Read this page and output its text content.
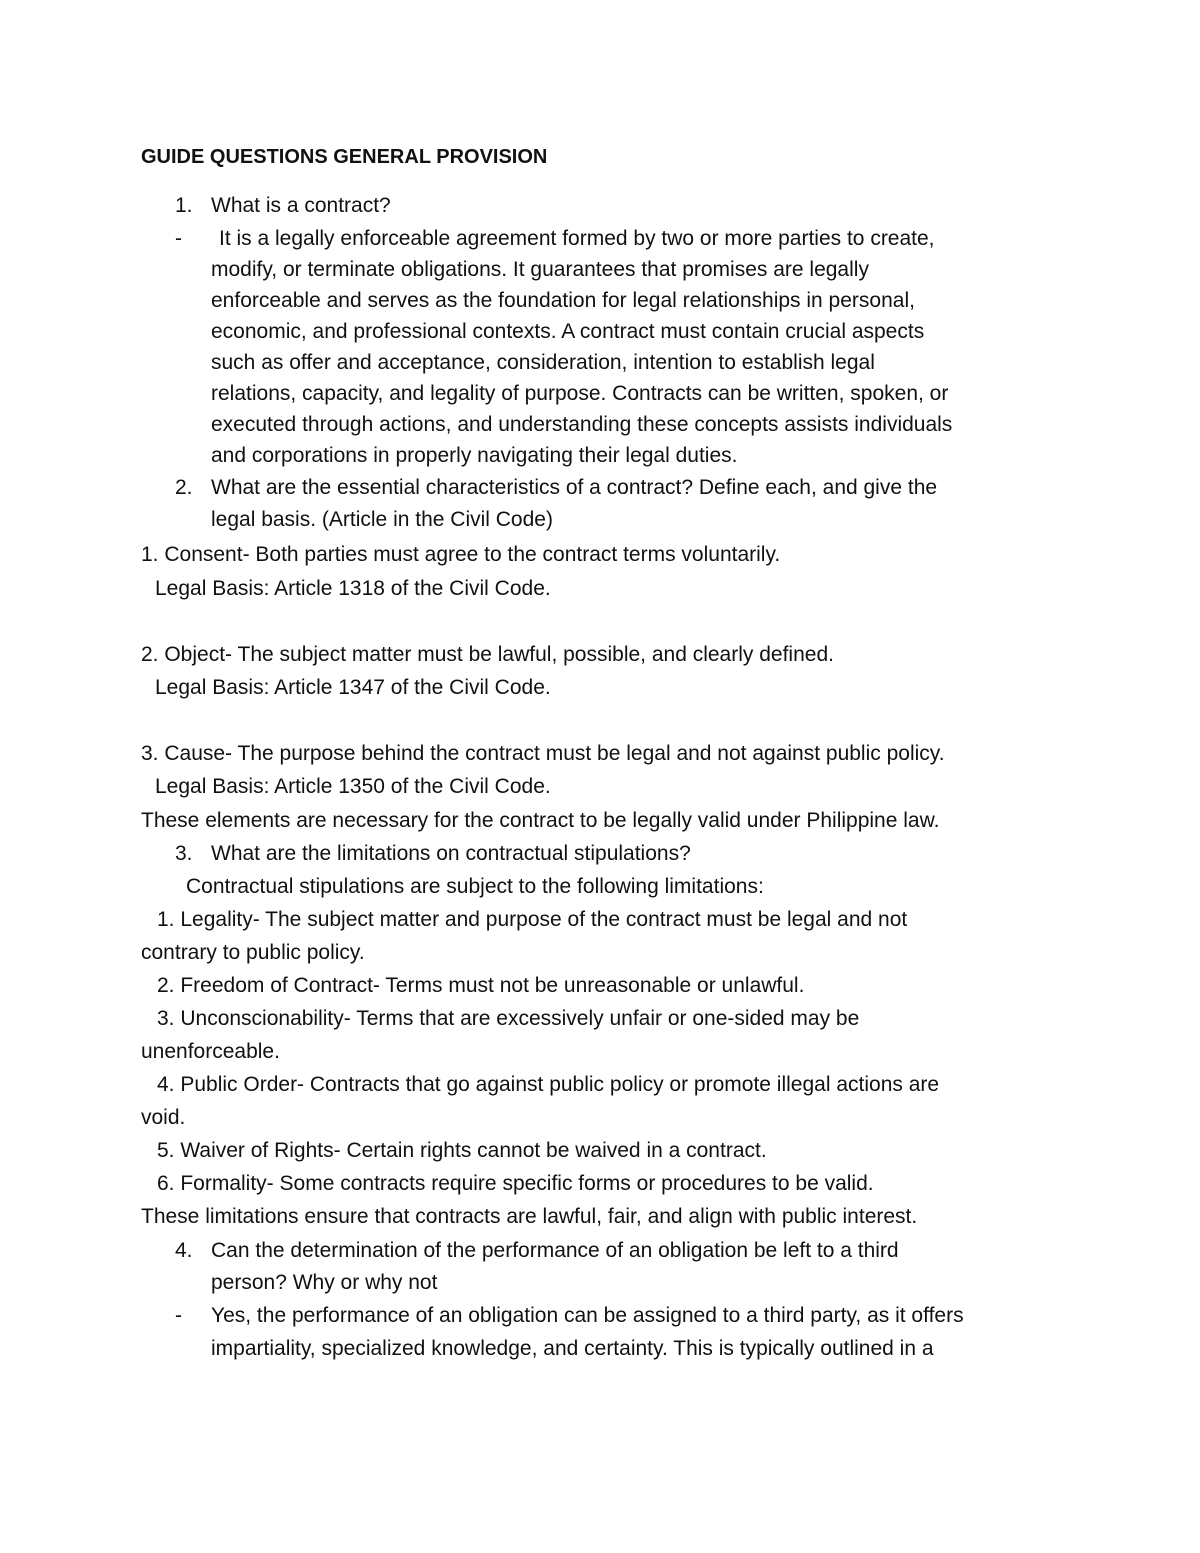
GUIDE QUESTIONS GENERAL PROVISION
1. What is a contract?
- It is a legally enforceable agreement formed by two or more parties to create,
modify, or terminate obligations. It guarantees that promises are legally
enforceable and serves as the foundation for legal relationships in personal,
economic, and professional contexts. A contract must contain crucial aspects
such as offer and acceptance, consideration, intention to establish legal
relations, capacity, and legality of purpose. Contracts can be written, spoken, or
executed through actions, and understanding these concepts assists individuals
and corporations in properly navigating their legal duties.
2. What are the essential characteristics of a contract? Define each, and give the
legal basis. (Article in the Civil Code)
1. Consent- Both parties must agree to the contract terms voluntarily.
Legal Basis: Article 1318 of the Civil Code.
2. Object- The subject matter must be lawful, possible, and clearly defined.
Legal Basis: Article 1347 of the Civil Code.
3. Cause- The purpose behind the contract must be legal and not against public policy.
Legal Basis: Article 1350 of the Civil Code.
These elements are necessary for the contract to be legally valid under Philippine law.
3. What are the limitations on contractual stipulations?
Contractual stipulations are subject to the following limitations:
1. Legality- The subject matter and purpose of the contract must be legal and not
contrary to public policy.
2. Freedom of Contract- Terms must not be unreasonable or unlawful.
3. Unconscionability- Terms that are excessively unfair or one-sided may be
unenforceable.
4. Public Order- Contracts that go against public policy or promote illegal actions are
void.
5. Waiver of Rights- Certain rights cannot be waived in a contract.
6. Formality- Some contracts require specific forms or procedures to be valid.
These limitations ensure that contracts are lawful, fair, and align with public interest.
4. Can the determination of the performance of an obligation be left to a third
person? Why or why not
- Yes, the performance of an obligation can be assigned to a third party, as it offers
impartiality, specialized knowledge, and certainty. This is typically outlined in a
